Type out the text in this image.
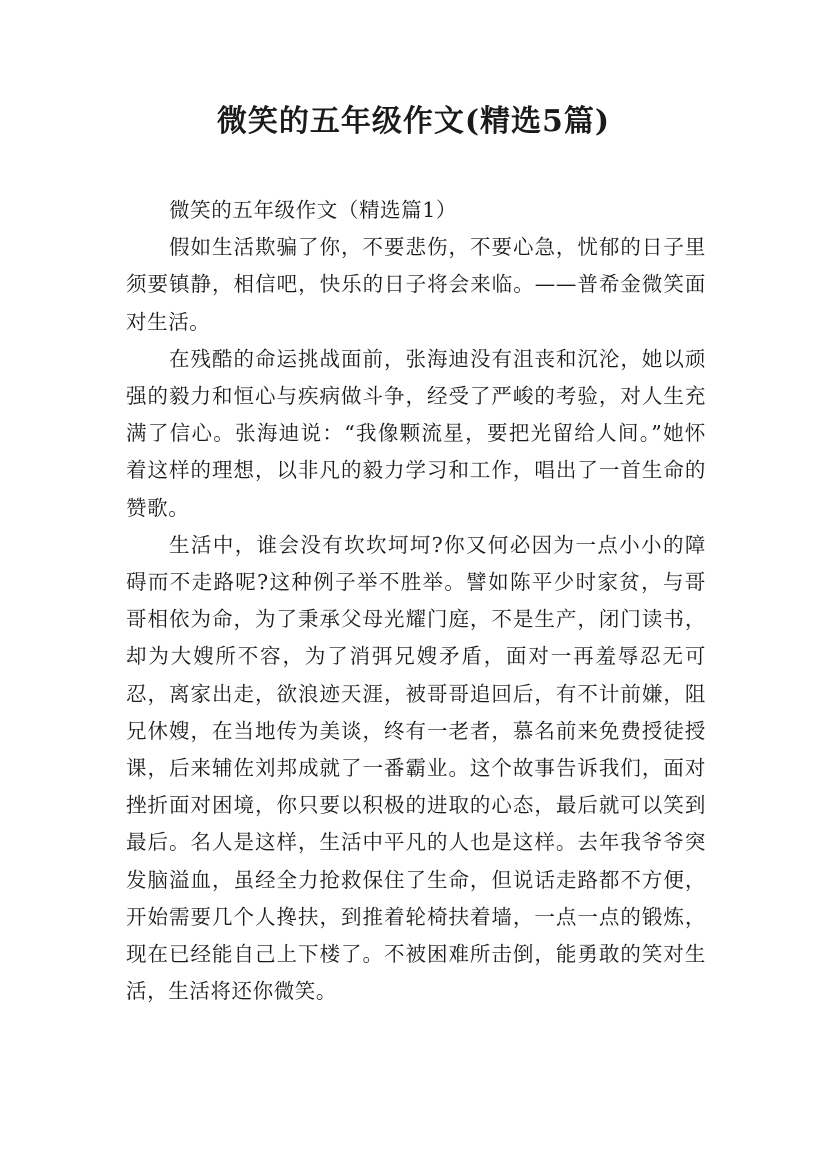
微笑的五年级作文(精选5篇)

微笑的五年级作文（精选篇1）

假如生活欺骗了你，不要悲伤，不要心急，忧郁的日子里须要镇静，相信吧，快乐的日子将会来临。——普希金微笑面对生活。

在残酷的命运挑战面前，张海迪没有沮丧和沉沦，她以顽强的毅力和恒心与疾病做斗争，经受了严峻的考验，对人生充满了信心。张海迪说：“我像颗流星，要把光留给人间。”她怀着这样的理想，以非凡的毅力学习和工作，唱出了一首生命的赞歌。

生活中，谁会没有坎坎坷坷?你又何必因为一点小小的障碍而不走路呢?这种例子举不胜举。譬如陈平少时家贫，与哥哥相依为命，为了秉承父母光耀门庭，不是生产，闭门读书，却为大嫂所不容，为了消弭兄嫂矛盾，面对一再羞辱忍无可忍，离家出走，欲浪迹天涯，被哥哥追回后，有不计前嫌，阻兄休嫂，在当地传为美谈，终有一老者，慕名前来免费授徒授课，后来辅佐刘邦成就了一番霸业。这个故事告诉我们，面对挫折面对困境，你只要以积极的进取的心态，最后就可以笑到最后。名人是这样，生活中平凡的人也是这样。去年我爷爷突发脑溢血，虽经全力抢救保住了生命，但说话走路都不方便，开始需要几个人搀扶，到推着轮椅扶着墙，一点一点的锻炼，现在已经能自己上下楼了。不被困难所击倒，能勇敢的笑对生活，生活将还你微笑。
